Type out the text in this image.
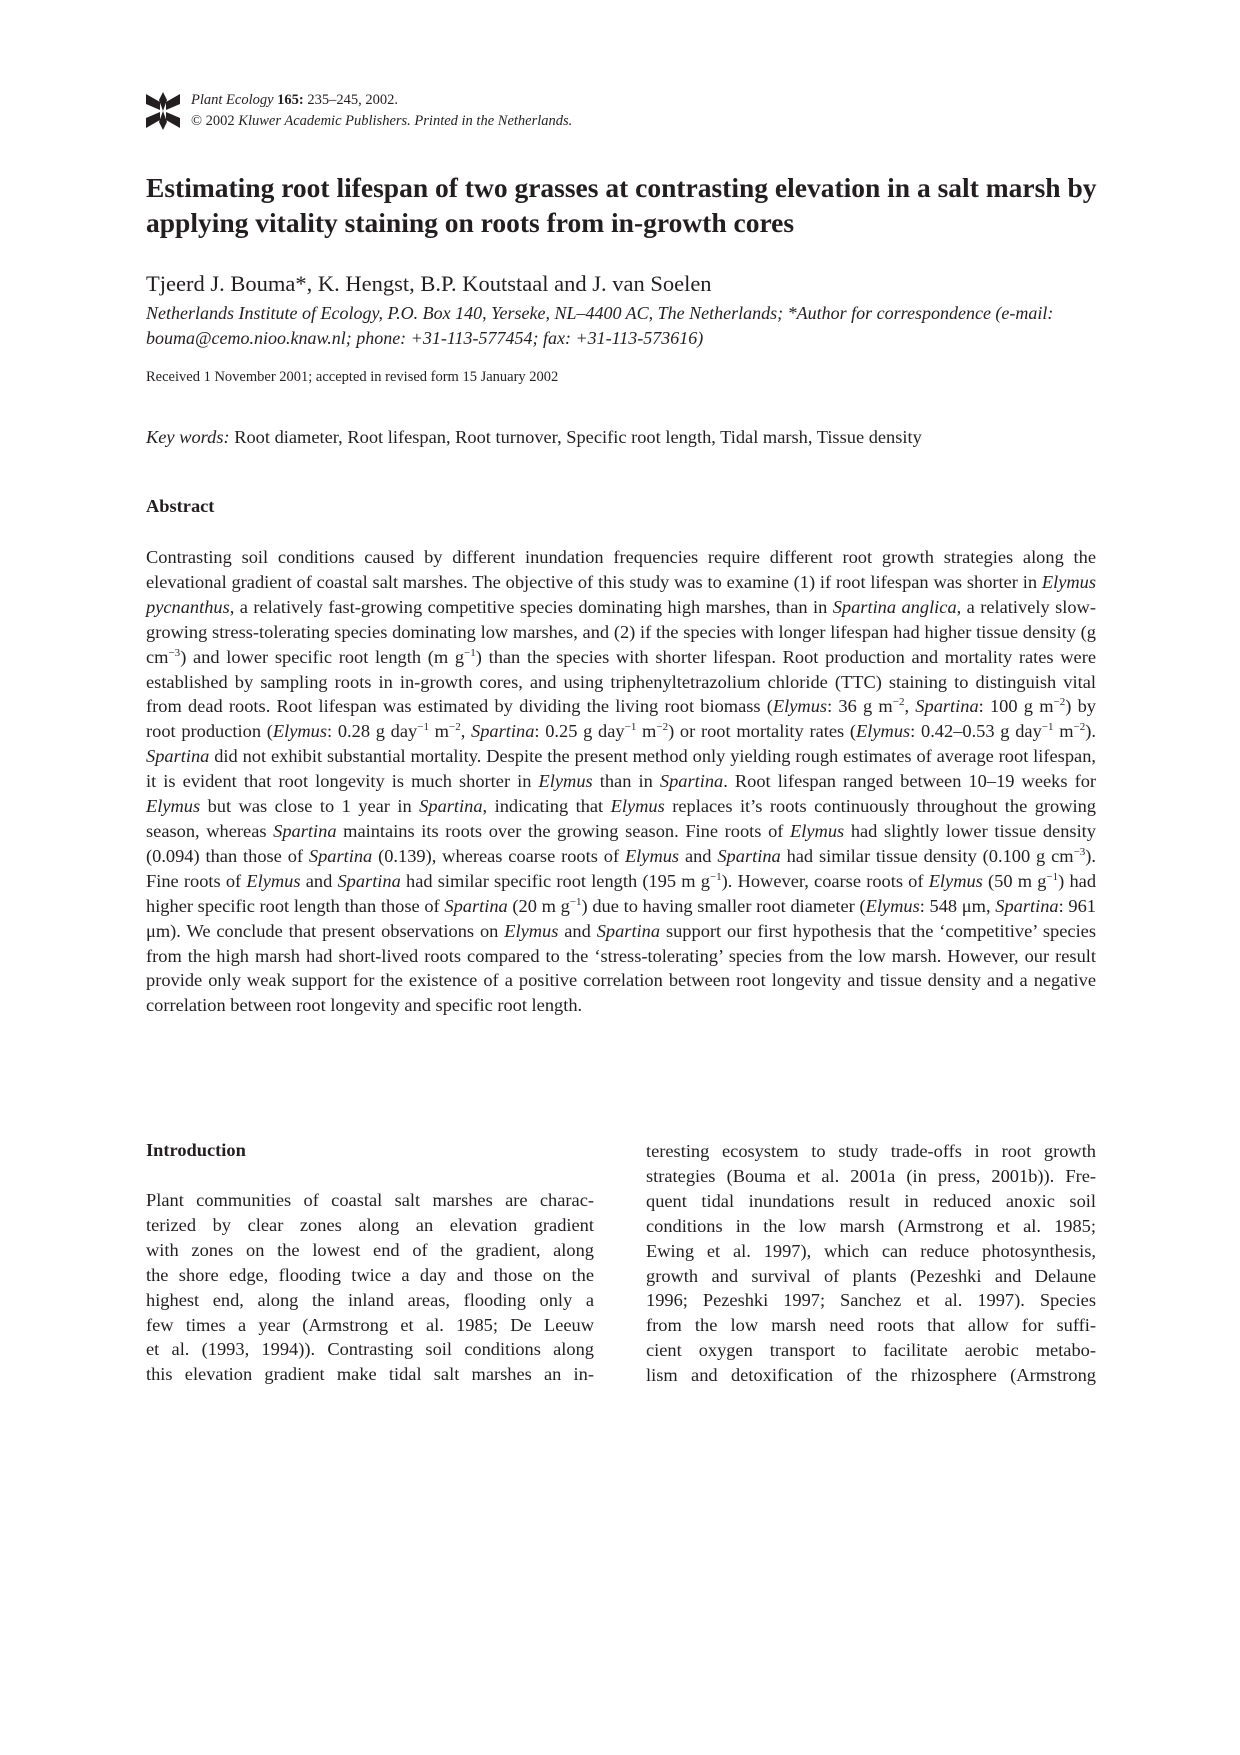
Plant Ecology 165: 235–245, 2002.
© 2002 Kluwer Academic Publishers. Printed in the Netherlands.
Estimating root lifespan of two grasses at contrasting elevation in a salt marsh by applying vitality staining on roots from in-growth cores
Tjeerd J. Bouma*, K. Hengst, B.P. Koutstaal and J. van Soelen
Netherlands Institute of Ecology, P.O. Box 140, Yerseke, NL–4400 AC, The Netherlands; *Author for correspondence (e-mail: bouma@cemo.nioo.knaw.nl; phone: +31-113-577454; fax: +31-113-573616)
Received 1 November 2001; accepted in revised form 15 January 2002
Key words: Root diameter, Root lifespan, Root turnover, Specific root length, Tidal marsh, Tissue density
Abstract

Contrasting soil conditions caused by different inundation frequencies require different root growth strategies along the elevational gradient of coastal salt marshes. The objective of this study was to examine (1) if root lifespan was shorter in Elymus pycnanthus, a relatively fast-growing competitive species dominating high marshes, than in Spartina anglica, a relatively slow-growing stress-tolerating species dominating low marshes, and (2) if the species with longer lifespan had higher tissue density (g $cm^{-3}$) and lower specific root length (m $g^{-1}$) than the species with shorter lifespan. Root production and mortality rates were established by sampling roots in in-growth cores, and using triphenyltetrazolium chloride (TTC) staining to distinguish vital from dead roots. Root lifespan was estimated by dividing the living root biomass (Elymus: 36 g $m^{-2}$, Spartina: 100 g $m^{-2}$) by root production (Elymus: 0.28 g day$^{-1}$ $m^{-2}$, Spartina: 0.25 g day$^{-1}$ $m^{-2}$) or root mortality rates (Elymus: 0.42–0.53 g day$^{-1}$ $m^{-2}$). Spartina did not exhibit substantial mortality. Despite the present method only yielding rough estimates of average root lifespan, it is evident that root longevity is much shorter in Elymus than in Spartina. Root lifespan ranged between 10–19 weeks for Elymus but was close to 1 year in Spartina, indicating that Elymus replaces it’s roots continuously throughout the growing season, whereas Spartina maintains its roots over the growing season. Fine roots of Elymus had slightly lower tissue density (0.094) than those of Spartina (0.139), whereas coarse roots of Elymus and Spartina had similar tissue density (0.100 g $cm^{-3}$). Fine roots of Elymus and Spartina had similar specific root length (195 m $g^{-1}$). However, coarse roots of Elymus (50 m $g^{-1}$) had higher specific root length than those of Spartina (20 m $g^{-1}$) due to having smaller root diameter (Elymus: 548 μm, Spartina: 961 μm). We conclude that present observations on Elymus and Spartina support our first hypothesis that the ‘competitive’ species from the high marsh had short-lived roots compared to the ‘stress-tolerating’ species from the low marsh. However, our result provide only weak support for the existence of a positive correlation between root longevity and tissue density and a negative correlation between root longevity and specific root length.

Introduction
Plant communities of coastal salt marshes are charac-
terized by clear zones along an elevation gradient
with zones on the lowest end of the gradient, along
the shore edge, flooding twice a day and those on the
highest end, along the inland areas, flooding only a
few times a year (Armstrong et al. 1985; De Leeuw
et al. (1993, 1994)). Contrasting soil conditions along
this elevation gradient make tidal salt marshes an in-
teresting ecosystem to study trade-offs in root growth
strategies (Bouma et al. 2001a (in press, 2001b)). Fre-
quent tidal inundations result in reduced anoxic soil
conditions in the low marsh (Armstrong et al. 1985;
Ewing et al. 1997), which can reduce photosynthesis,
growth and survival of plants (Pezeshki and Delaune
1996; Pezeshki 1997; Sanchez et al. 1997). Species
from the low marsh need roots that allow for suffi-
cient oxygen transport to facilitate aerobic metabo-
lism and detoxification of the rhizosphere (Armstrong
